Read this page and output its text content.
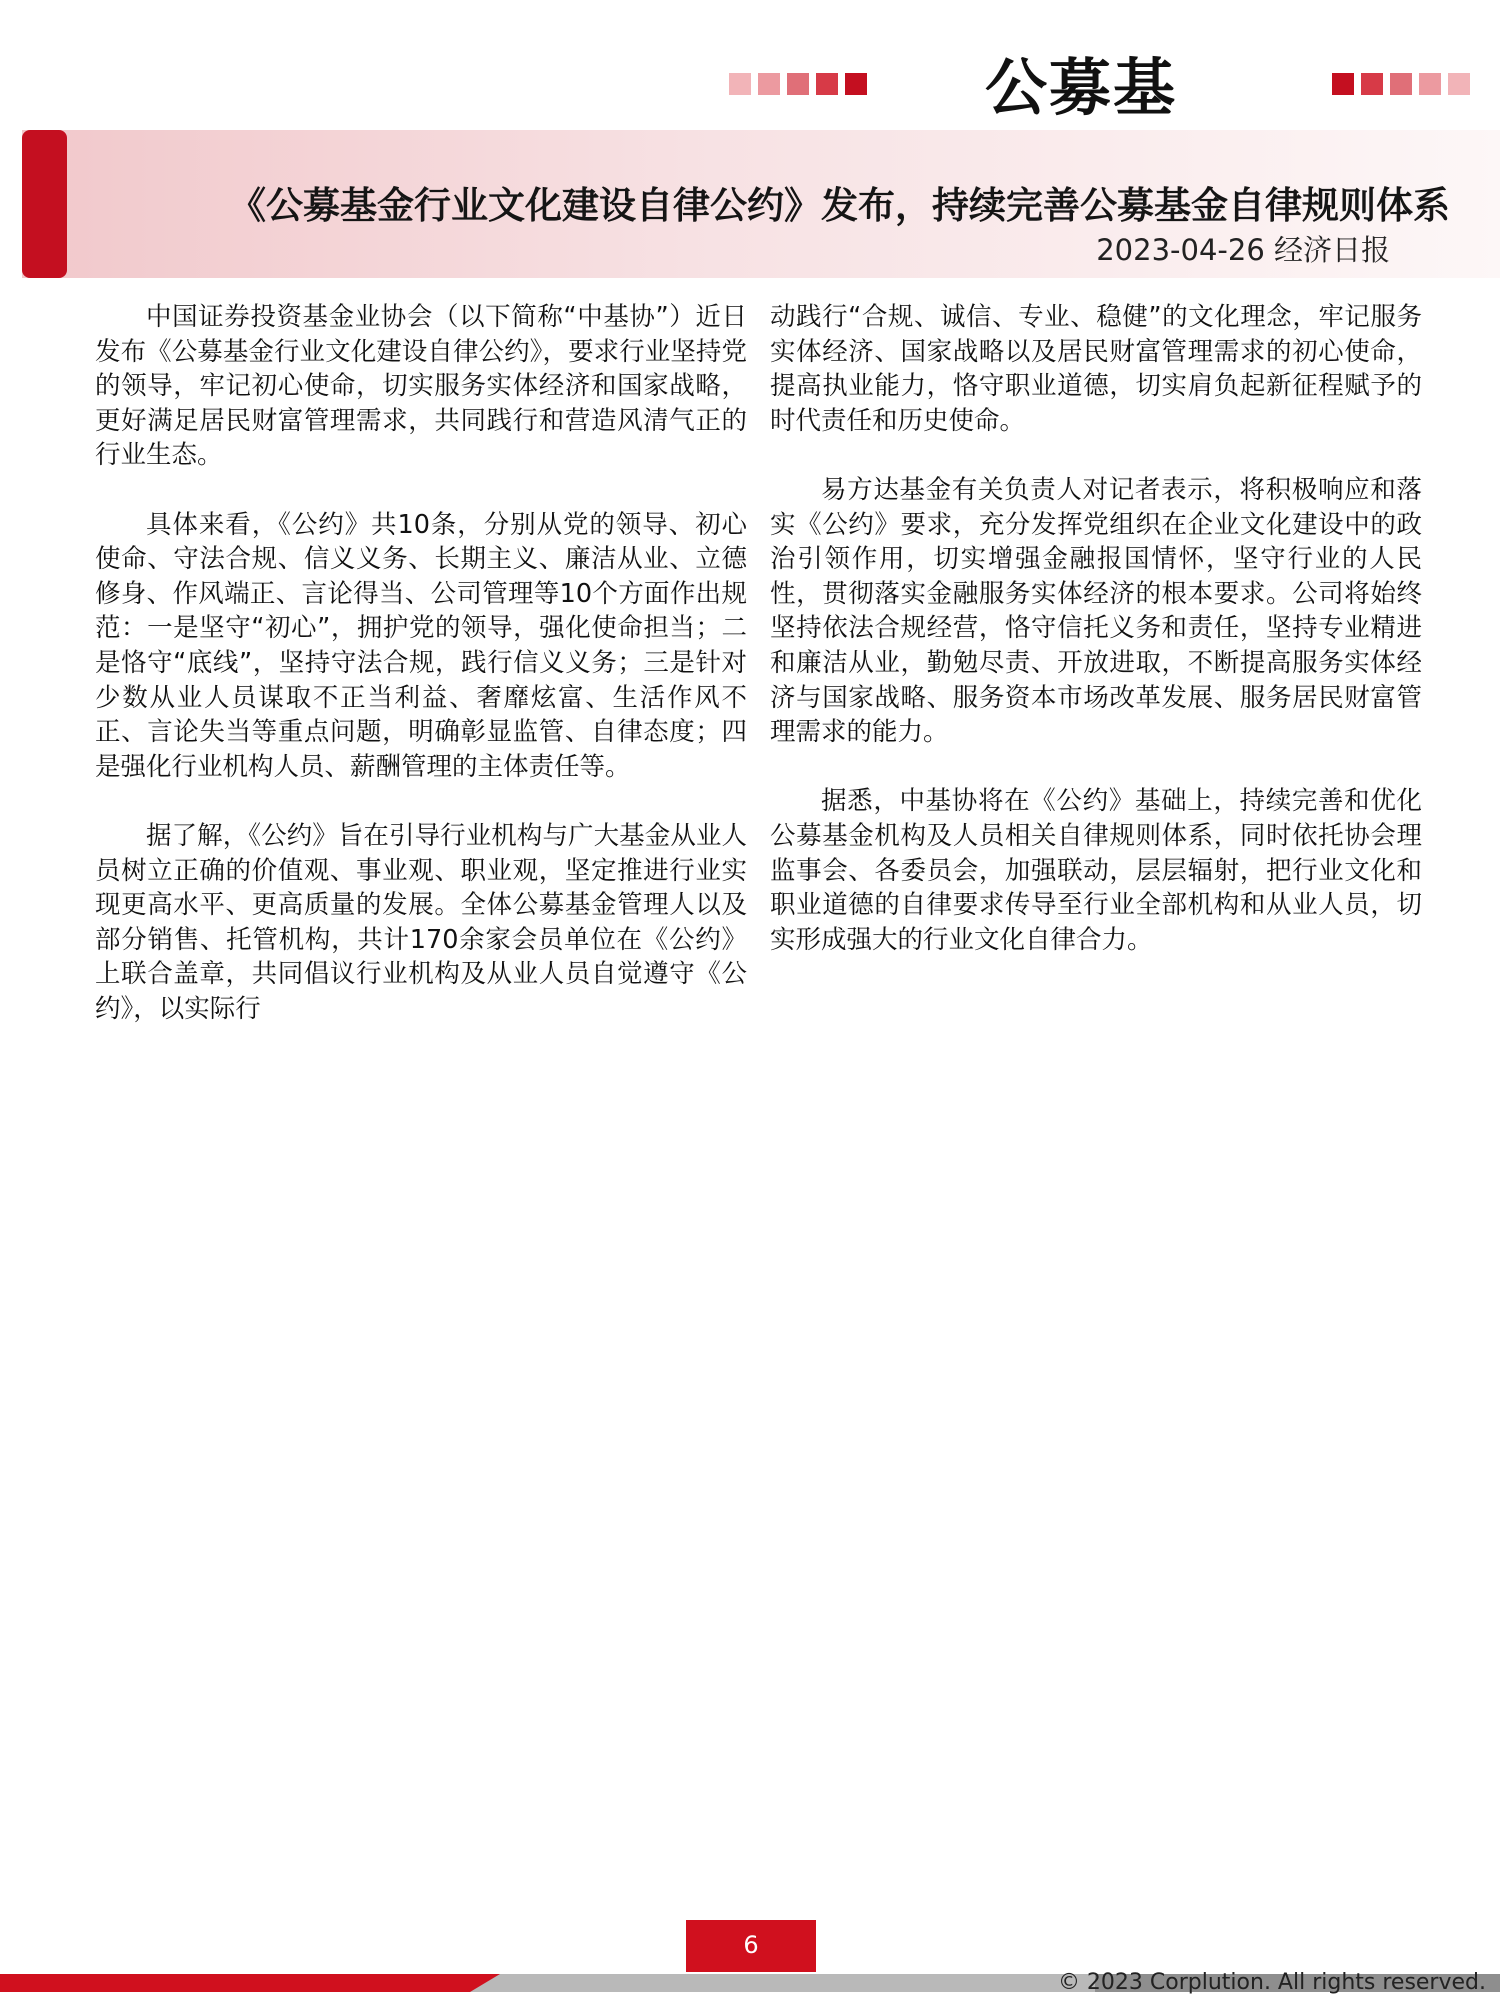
公募基
《公募基金行业文化建设自律公约》发布，持续完善公募基金自律规则体系
2023-04-26 经济日报

中国证券投资基金业协会（以下简称“中基协”）近日发布《公募基金行业文化建设自律公约》，要求行业坚持党的领导，牢记初心使命，切实服务实体经济和国家战略，更好满足居民财富管理需求，共同践行和营造风清气正的行业生态。

具体来看，《公约》共10条，分别从党的领导、初心使命、守法合规、信义义务、长期主义、廉洁从业、立德修身、作风端正、言论得当、公司管理等10个方面作出规范：一是坚守“初心”，拥护党的领导，强化使命担当；二是恪守“底线”，坚持守法合规，践行信义义务；三是针对少数从业人员谋取不正当利益、奢靡炫富、生活作风不正、言论失当等重点问题，明确彰显监管、自律态度；四是强化行业机构人员、薪酬管理的主体责任等。

据了解，《公约》旨在引导行业机构与广大基金从业人员树立正确的价值观、事业观、职业观，坚定推进行业实现更高水平、更高质量的发展。全体公募基金管理人以及部分销售、托管机构，共计170余家会员单位在《公约》上联合盖章，共同倡议行业机构及从业人员自觉遵守《公约》，以实际行

动践行“合规、诚信、专业、稳健”的文化理念，牢记服务实体经济、国家战略以及居民财富管理需求的初心使命，提高执业能力，恪守职业道德，切实肩负起新征程赋予的时代责任和历史使命。

易方达基金有关负责人对记者表示，将积极响应和落实《公约》要求，充分发挥党组织在企业文化建设中的政治引领作用，切实增强金融报国情怀，坚守行业的人民性，贯彻落实金融服务实体经济的根本要求。公司将始终坚持依法合规经营，恪守信托义务和责任，坚持专业精进和廉洁从业，勤勉尽责、开放进取，不断提高服务实体经济与国家战略、服务资本市场改革发展、服务居民财富管理需求的能力。

据悉，中基协将在《公约》基础上，持续完善和优化公募基金机构及人员相关自律规则体系，同时依托协会理监事会、各委员会，加强联动，层层辐射，把行业文化和职业道德的自律要求传导至行业全部机构和从业人员，切实形成强大的行业文化自律合力。

6
© 2023 Corplution. All rights reserved.
